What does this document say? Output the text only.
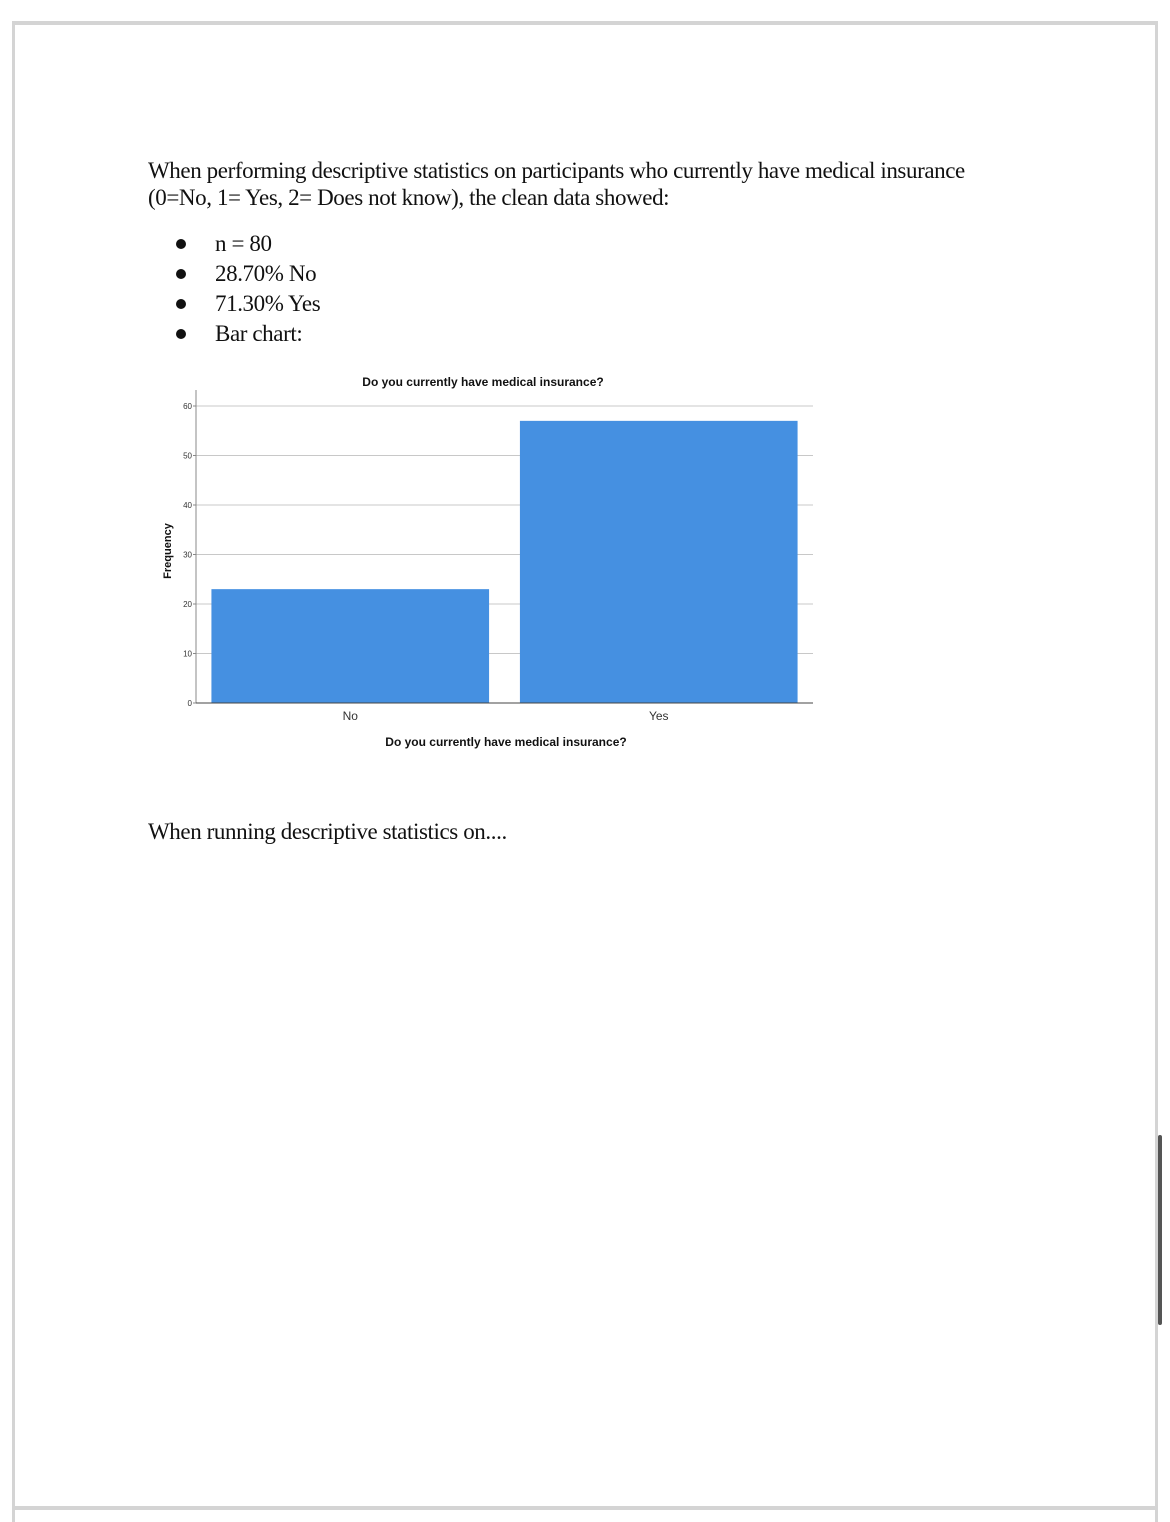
When performing descriptive statistics on participants who currently have medical insurance (0=No, 1= Yes, 2= Does not know), the clean data showed:
n = 80
28.70% No
71.30% Yes
Bar chart:
Do you currently have medical insurance?
Frequency
Do you currently have medical insurance?
0
10
20
30
40
50
60
No	Yes
When running descriptive statistics on....
